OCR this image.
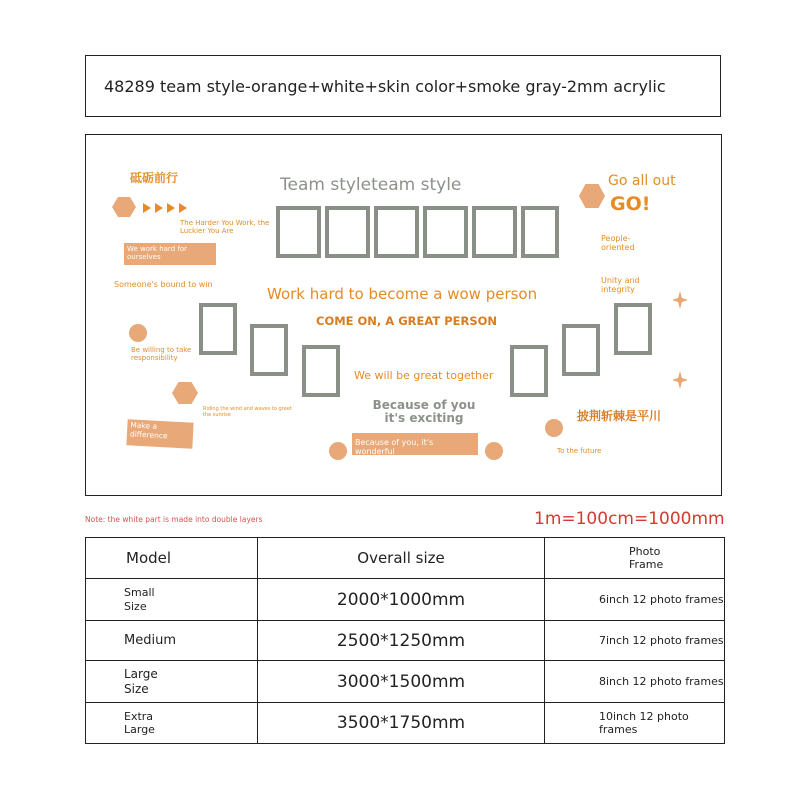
48289 team style-orange+white+skin color+smoke gray-2mm acrylic
砥砺前行
The Harder You Work, the Luckier You Are
We work hard for ourselves
Someone's bound to win
Be willing to take responsibility
Riding the wind and waves to greet the sunrise
Make a difference
Team styleteam style
Work hard to become a wow person
COME ON, A GREAT PERSON
We will be great together
Because of you it's exciting
Because of you, it's wonderful
Go all out
GO!
People-oriented
Unity and integrity
披荆斩棘是平川
To the future
Note: the white part is made into double layers	1m=100cm=1000mm
Model	Overall size	Photo Frame

Small Size	2000*1000mm	6inch 12 photo frames
Medium	2500*1250mm	7inch 12 photo frames

Large Size	3000*1500mm	8inch 12 photo frames

Extra Large	3500*1750mm	10inch 12 photo frames
